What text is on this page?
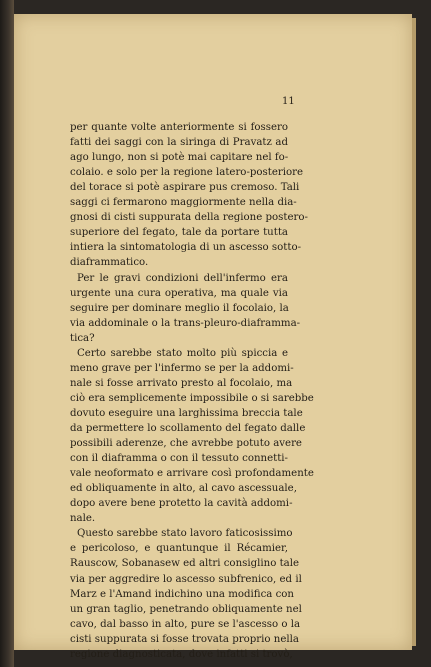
11
per quante volte anteriormente si fossero
fatti dei saggi con la siringa di Pravatz ad
ago lungo, non si potè mai capitare nel fo-
colaio. e solo per la regione latero-posteriore
del torace si potè aspirare pus cremoso. Tali
saggi ci fermarono maggiormente nella dia-
gnosi di cisti suppurata della regione postero-
superiore del fegato, tale da portare tutta
intiera la sintomatologia di un ascesso sotto-
diaframmatico.
Per le gravi condizioni dell'infermo era
urgente una cura operativa, ma quale via
seguire per dominare meglio il focolaio, la
via addominale o la trans-pleuro-diaframma-
tica?
Certo sarebbe stato molto più spiccia e
meno grave per l'infermo se per la addomi-
nale si fosse arrivato presto al focolaio, ma
ciò era semplicemente impossibile o si sarebbe
dovuto eseguire una larghissima breccia tale
da permettere lo scollamento del fegato dalle
possibili aderenze, che avrebbe potuto avere
con il diaframma o con il tessuto connetti-
vale neoformato e arrivare così profondamente
ed obliquamente in alto, al cavo ascessuale,
dopo avere bene protetto la cavità addomi-
nale.
Questo sarebbe stato lavoro faticosissimo
e pericoloso, e quantunque il Récamier,
Rauscow, Sobanasew ed altri consiglino tale
via per aggredire lo ascesso subfrenico, ed il
Marz e l'Amand indichino una modifica con
un gran taglio, penetrando obliquamente nel
cavo, dal basso in alto, pure se l'ascesso o la
cisti suppurata si fosse trovata proprio nella
regione diagnosticata, dove infatti si trovò,
